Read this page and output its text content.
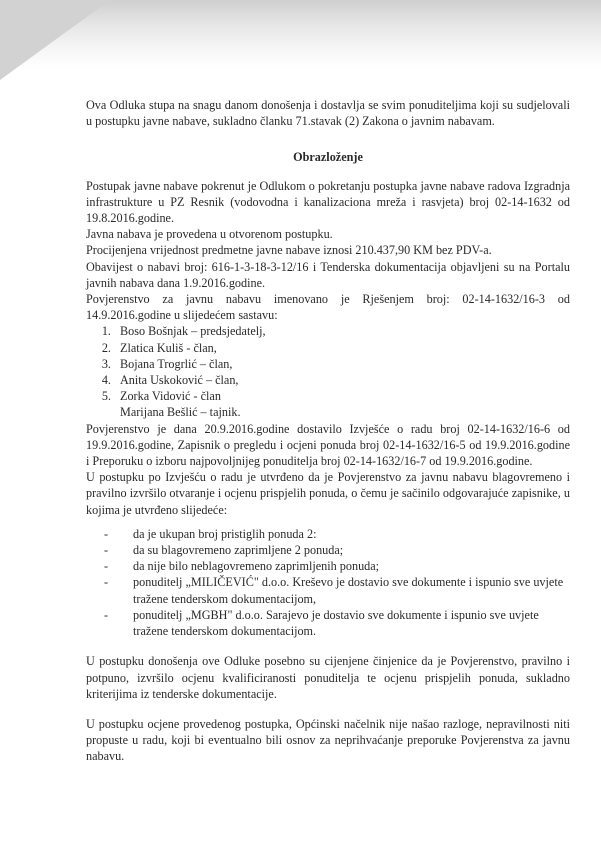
Ova Odluka stupa na snagu danom donošenja i dostavlja se svim ponuditeljima koji su sudjelovali u postupku javne nabave, sukladno članku 71.stavak (2) Zakona o javnim nabavam.

Obrazloženje

Postupak javne nabave pokrenut je Odlukom o pokretanju postupka javne nabave radova Izgradnja infrastrukture u PZ Resnik (vodovodna i kanalizaciona mreža i rasvjeta) broj 02-14-1632 od 19.8.2016.godine.

Javna nabava je provedena u otvorenom postupku.

Procijenjena vrijednost predmetne javne nabave iznosi 210.437,90 KM bez PDV-a.

Obavijest o nabavi broj: 616-1-3-18-3-12/16 i Tenderska dokumentacija objavljeni su na Portalu javnih nabava dana 1.9.2016.godine.

Povjerenstvo za javnu nabavu imenovano je Rješenjem broj: 02-14-1632/16-3 od 14.9.2016.godine u slijedećem sastavu:

1. Boso Bošnjak – predsjedatelj,
2. Zlatica Kuliš - član,
3. Bojana Trogrlić – član,
4. Anita Uskoković – član,
5. Zorka Vidović - član

Marijana Bešlić – tajnik.

Povjerenstvo je dana 20.9.2016.godine dostavilo Izvješće o radu broj 02-14-1632/16-6 od 19.9.2016.godine, Zapisnik o pregledu i ocjeni ponuda broj 02-14-1632/16-5 od 19.9.2016.godine i Preporuku o izboru najpovoljnijeg ponuditelja broj 02-14-1632/16-7 od 19.9.2016.godine.

U postupku po Izvješću o radu je utvrđeno da je Povjerenstvo za javnu nabavu blagovremeno i pravilno izvršilo otvaranje i ocjenu prispjelih ponuda, o čemu je sačinilo odgovarajuće zapisnike, u kojima je utvrđeno slijedeće:

- da je ukupan broj pristiglih ponuda 2:
- da su blagovremeno zaprimljene 2 ponuda;
- da nije bilo neblagovremeno zaprimljenih ponuda;
- ponuditelj „MILIČEVIĆ" d.o.o. Kreševo je dostavio sve dokumente i ispunio sve uvjete tražene tenderskom dokumentacijom,
- ponuditelj „MGBH" d.o.o. Sarajevo je dostavio sve dokumente i ispunio sve uvjete tražene tenderskom dokumentacijom.

U postupku donošenja ove Odluke posebno su cijenjene činjenice da je Povjerenstvo, pravilno i potpuno, izvršilo ocjenu kvalificiranosti ponuditelja te ocjenu prispjelih ponuda, sukladno kriterijima iz tenderske dokumentacije.

U postupku ocjene provedenog postupka, Općinski načelnik nije našao razloge, nepravilnosti niti propuste u radu, koji bi eventualno bili osnov za neprihvaćanje preporuke Povjerenstva za javnu nabavu.
